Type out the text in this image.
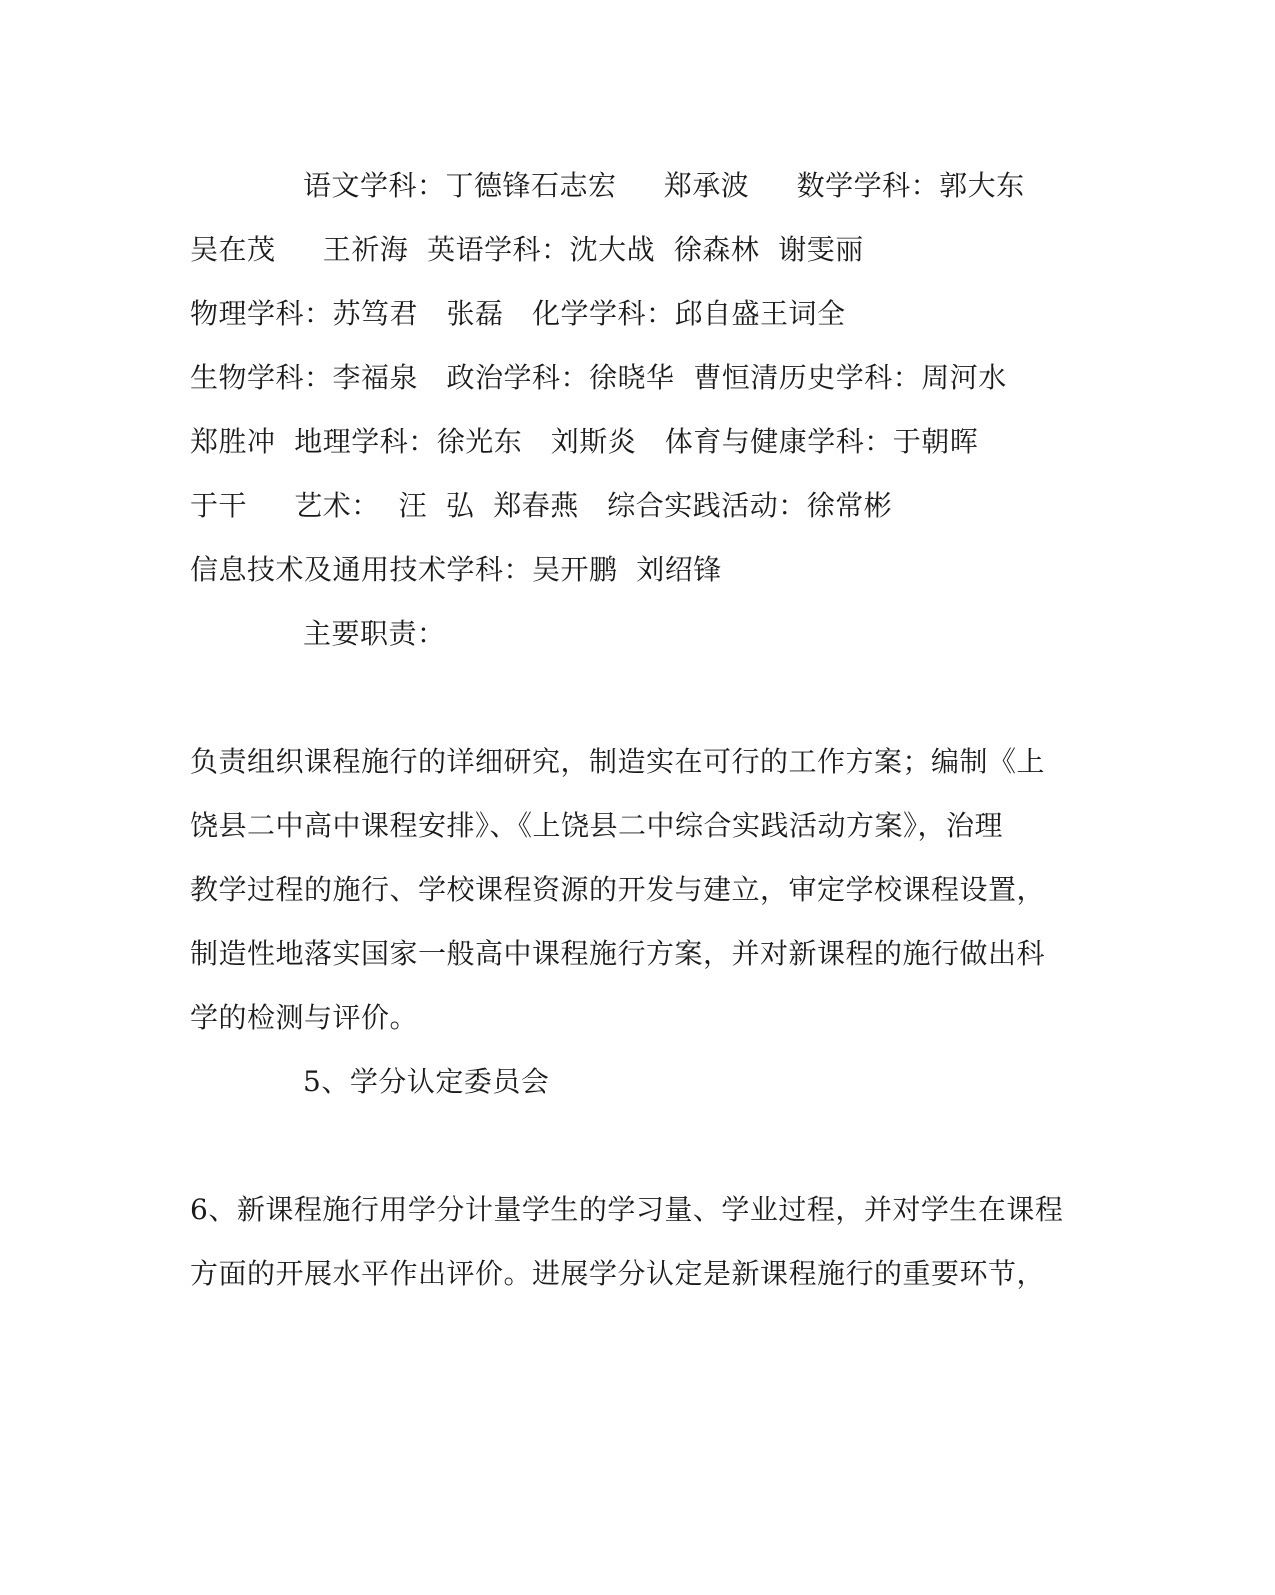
语文学科：丁德锋石志宏　  郑承波　  数学学科：郭大东
吴在茂　  王祈海  英语学科：沈大战  徐森林  谢雯丽
物理学科：苏笃君　张磊　化学学科：邱自盛王词全
生物学科：李福泉　政治学科：徐晓华  曹恒清历史学科：周河水
郑胜冲  地理学科：徐光东　刘斯炎　体育与健康学科：于朝晖
于干　  艺术：  汪  弘  郑春燕　综合实践活动：徐常彬
信息技术及通用技术学科：吴开鹏  刘绍锋
主要职责：
负责组织课程施行的详细研究，制造实在可行的工作方案；编制《上
饶县二中高中课程安排》、《上饶县二中综合实践活动方案》，治理
教学过程的施行、学校课程资源的开发与建立，审定学校课程设置，
制造性地落实国家一般高中课程施行方案，并对新课程的施行做出科
学的检测与评价。
5、学分认定委员会
6、新课程施行用学分计量学生的学习量、学业过程，并对学生在课程
方面的开展水平作出评价。进展学分认定是新课程施行的重要环节，
